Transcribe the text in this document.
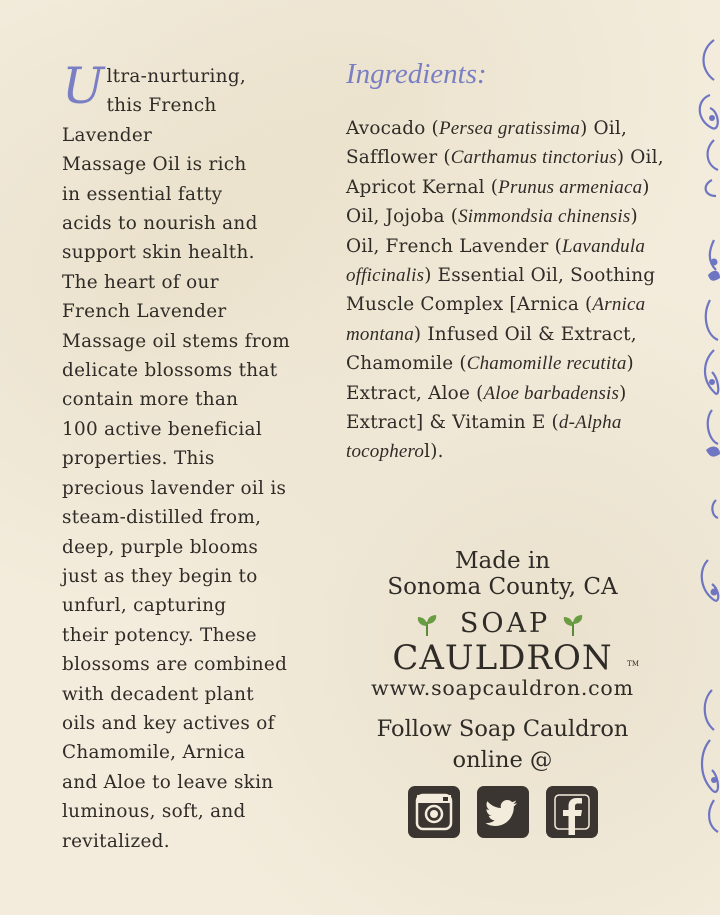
U ltra-nurturing,
this French Lavender
Massage Oil is rich
in essential fatty
acids to nourish and
support skin health.
The heart of our
French Lavender
Massage oil stems from
delicate blossoms that
contain more than
100 active beneficial
properties. This
precious lavender oil is
steam-distilled from,
deep, purple blooms
just as they begin to
unfurl, capturing
their potency. These
blossoms are combined
with decadent plant
oils and key actives of
Chamomile, Arnica
and Aloe to leave skin
luminous, soft, and
revitalized.

Ingredients:

Avocado (Persea gratissima) Oil, Safflower (Carthamus tinctorius) Oil, Apricot Kernal (Prunus armeniaca) Oil, Jojoba (Simmondsia chinensis) Oil, French Lavender (Lavandula officinalis) Essential Oil, Soothing Muscle Complex [Arnica (Arnica montana) Infused Oil & Extract, Chamomile (Chamomille recutita) Extract, Aloe (Aloe barbadensis) Extract] & Vitamin E (d-Alpha tocopherol).

Made in
Sonoma County, CA
SOAP
CAULDRON	TM
www.soapcauldron.com
Follow Soap Cauldron
online @
